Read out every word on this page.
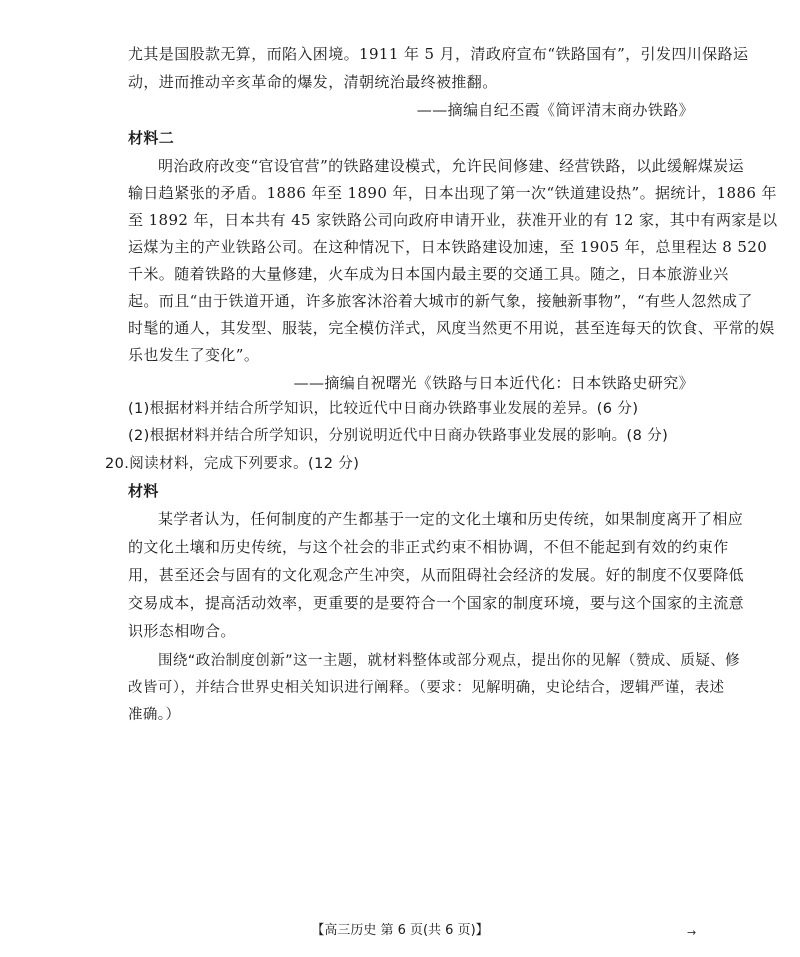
尤其是国股款无算，而陷入困境。1911 年 5 月，清政府宣布“铁路国有”，引发四川保路运
动，进而推动辛亥革命的爆发，清朝统治最终被推翻。
——摘编自纪丕霞《简评清末商办铁路》
材料二
明治政府改变“官设官营”的铁路建设模式，允许民间修建、经营铁路，以此缓解煤炭运
输日趋紧张的矛盾。1886 年至 1890 年，日本出现了第一次“铁道建设热”。据统计，1886 年
至 1892 年，日本共有 45 家铁路公司向政府申请开业，获准开业的有 12 家，其中有两家是以
运煤为主的产业铁路公司。在这种情况下，日本铁路建设加速，至 1905 年，总里程达 8 520
千米。随着铁路的大量修建，火车成为日本国内最主要的交通工具。随之，日本旅游业兴
起。而且“由于铁道开通，许多旅客沐浴着大城市的新气象，接触新事物”，“有些人忽然成了
时髦的通人，其发型、服装，完全模仿洋式，风度当然更不用说，甚至连每天的饮食、平常的娱
乐也发生了变化”。
——摘编自祝曙光《铁路与日本近代化：日本铁路史研究》
(1)根据材料并结合所学知识，比较近代中日商办铁路事业发展的差异。(6 分)
(2)根据材料并结合所学知识，分别说明近代中日商办铁路事业发展的影响。(8 分)
20.阅读材料，完成下列要求。(12 分)
材料
某学者认为，任何制度的产生都基于一定的文化土壤和历史传统，如果制度离开了相应
的文化土壤和历史传统，与这个社会的非正式约束不相协调，不但不能起到有效的约束作
用，甚至还会与固有的文化观念产生冲突，从而阻碍社会经济的发展。好的制度不仅要降低
交易成本，提高活动效率，更重要的是要符合一个国家的制度环境，要与这个国家的主流意
识形态相吻合。
围绕“政治制度创新”这一主题，就材料整体或部分观点，提出你的见解（赞成、质疑、修
改皆可），并结合世界史相关知识进行阐释。（要求：见解明确，史论结合，逻辑严谨，表述
准确。）
【高三历史 第 6 页(共 6 页)】	→
